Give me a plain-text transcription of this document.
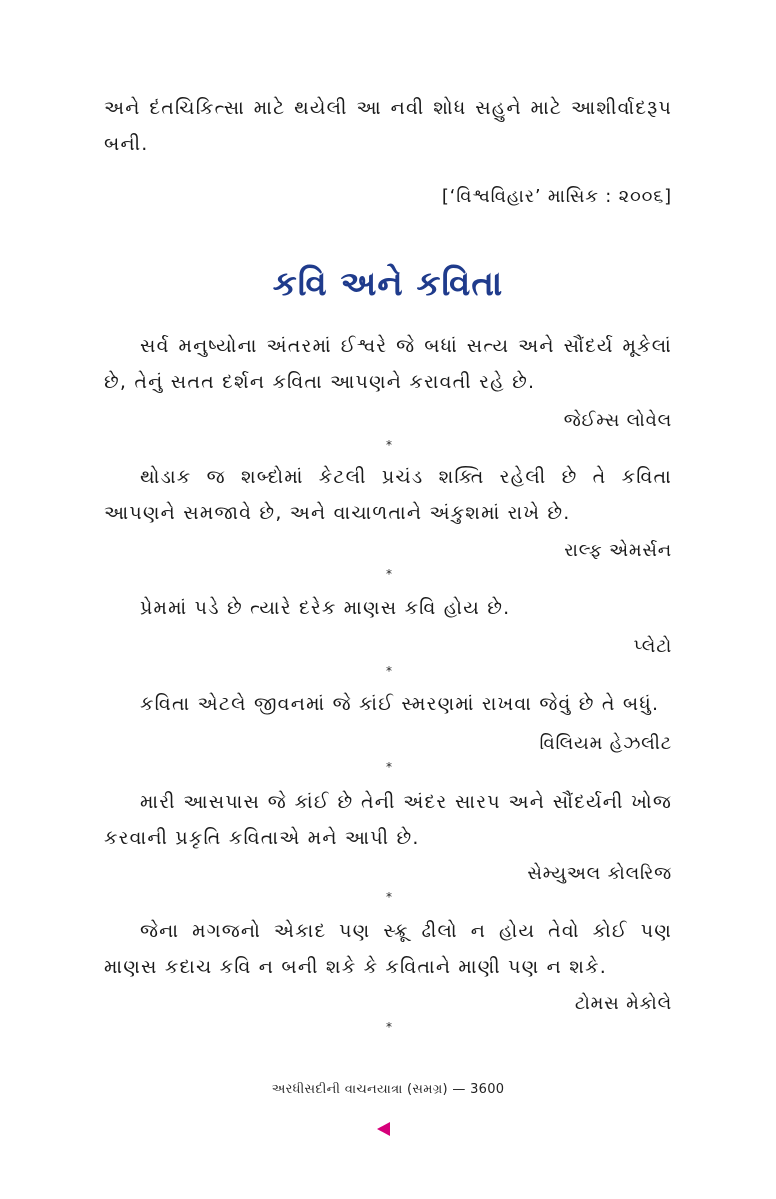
અને દંતચિકિત્સા માટે થયેલી આ નવી શોધ સહુને માટે આશીર્વાદરૂપ બની.

[‘વિશ્વવિહાર’ માસિક : ૨૦૦૬]
કવિ અને કવિતા

સર્વ મનુષ્યોના અંતરમાં ઈશ્વરે જે બધાં સત્ય અને સૌંદર્ય મૂકેલાં છે, તેનું સતત દર્શન કવિતા આપણને કરાવતી રહે છે.

જેઈમ્સ લોવેલ
*

થોડાક જ શબ્દોમાં કેટલી પ્રચંડ શક્તિ રહેલી છે તે કવિતા આપણને સમજાવે છે, અને વાચાળતાને અંકુશમાં રાખે છે.

રાલ્ફ એમર્સન
*

પ્રેમમાં પડે છે ત્યારે દરેક માણસ કવિ હોય છે.

પ્લેટો
*

કવિતા એટલે જીવનમાં જે કાંઈ સ્મરણમાં રાખવા જેવું છે તે બધું.

વિલિયમ હેઝલીટ
*

મારી આસપાસ જે કાંઈ છે તેની અંદર સારપ અને સૌંદર્યની ખોજ કરવાની પ્રકૃતિ કવિતાએ મને આપી છે.

સેમ્યુઅલ કોલરિજ
*

જેના મગજનો એકાદ પણ સ્ક્રૂ ઢીલો ન હોય તેવો કોઈ પણ માણસ કદાચ કવિ ન બની શકે કે કવિતાને માણી પણ ન શકે.

ટોમસ મેકોલે
*
અરધીસદીની વાચનયાત્રા (સમગ્ર) — 3600
